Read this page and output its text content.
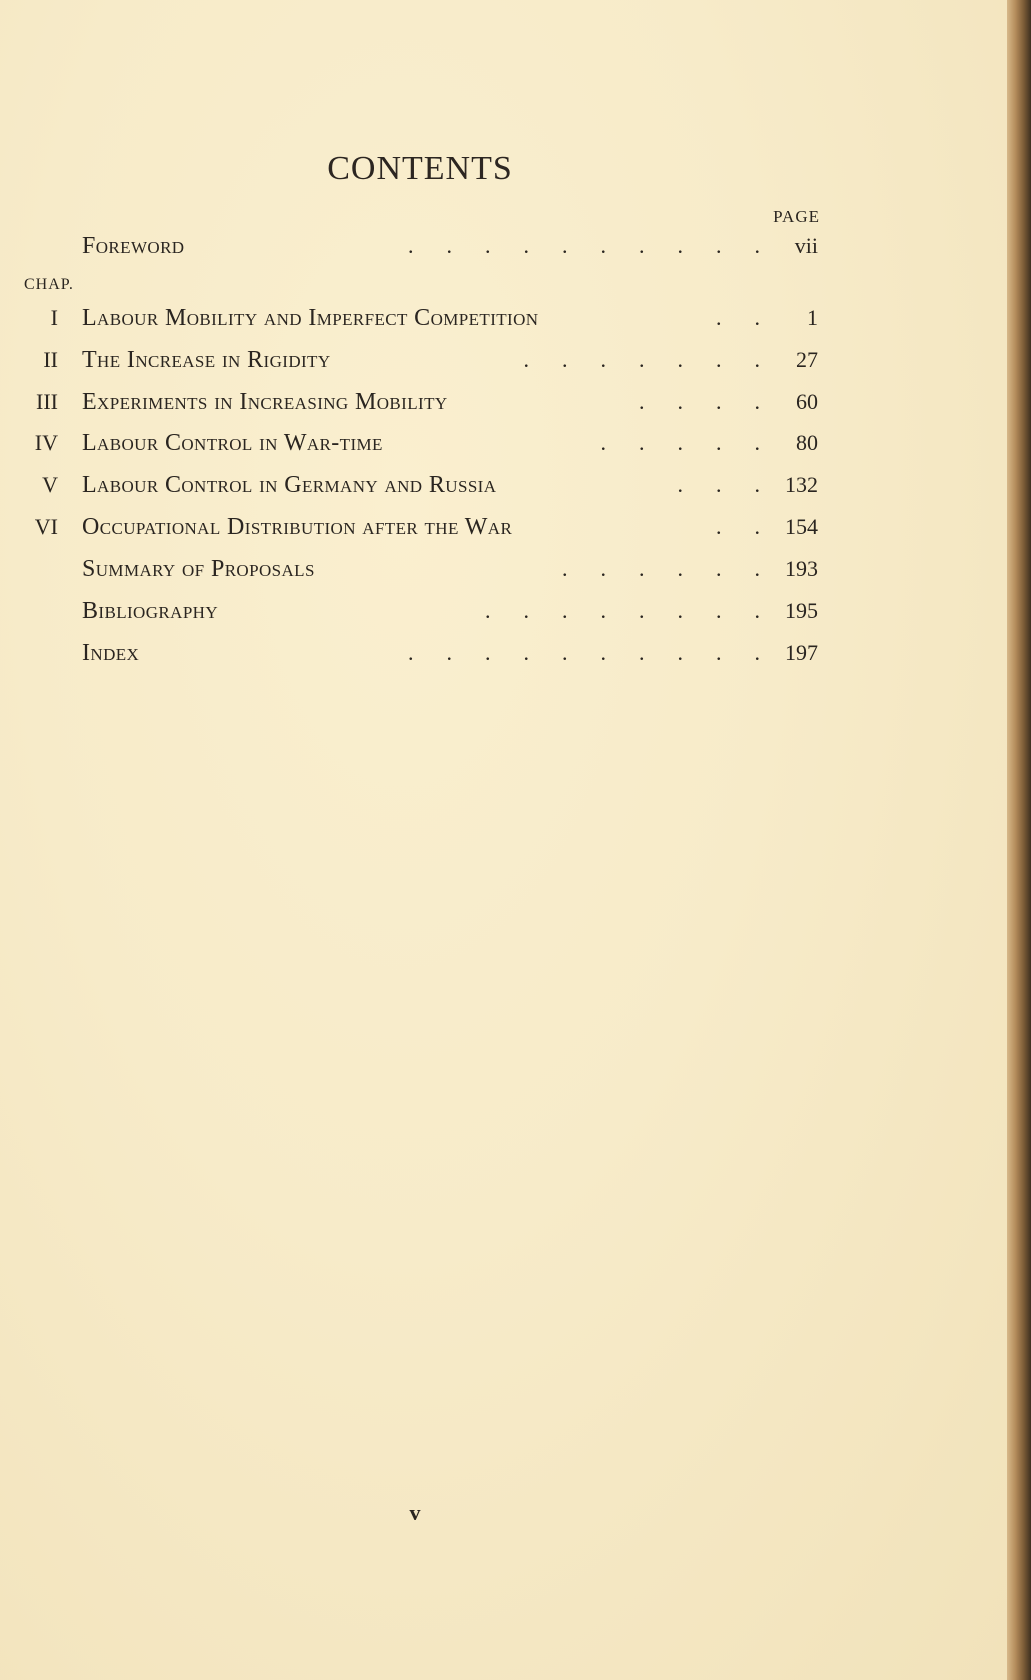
CONTENTS
PAGE
CHAP.
Foreword	.      .      .      .      .      .      .      .      .      .	vii
I Labour Mobility and Imperfect Competition	.      .	1
II The Increase in Rigidity	.      .      .      .      .      .      .	27
III Experiments in Increasing Mobility	.      .      .      .	60
IV Labour Control in War-time	.      .      .      .      .	80
V Labour Control in Germany and Russia	.      .      .	132
VI Occupational Distribution after the War	.      .	154
Summary of Proposals	.      .      .      .      .      .	193
Bibliography	.      .      .      .      .      .      .      .	195
Index	.      .      .      .      .      .      .      .      .      .	197
v
